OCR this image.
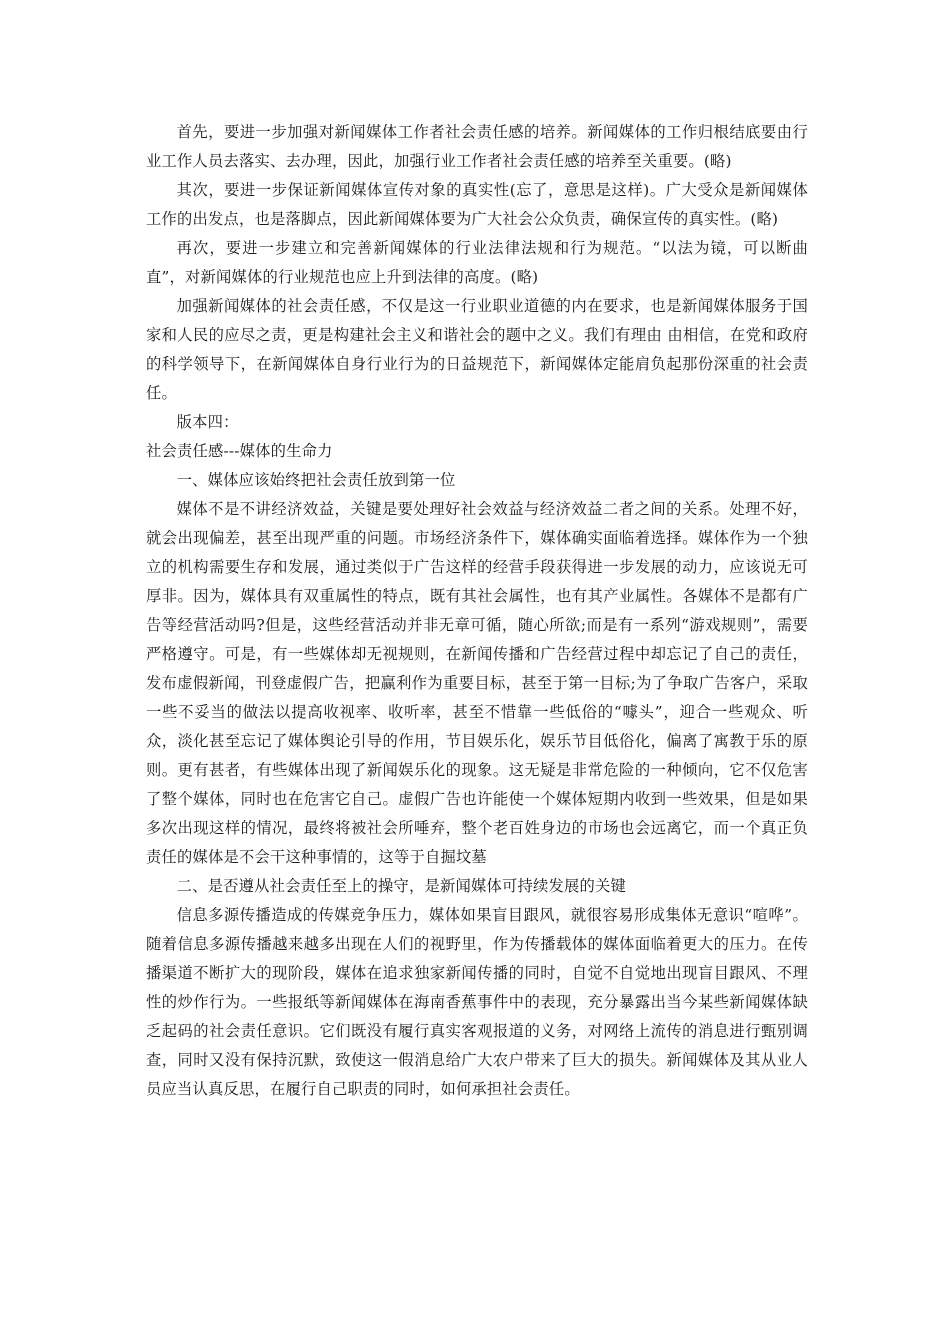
首先，要进一步加强对新闻媒体工作者社会责任感的培养。新闻媒体的工作归根结底要由行业工作人员去落实、去办理，因此，加强行业工作者社会责任感的培养至关重要。(略)

其次，要进一步保证新闻媒体宣传对象的真实性(忘了，意思是这样)。广大受众是新闻媒体工作的出发点，也是落脚点，因此新闻媒体要为广大社会公众负责，确保宣传的真实性。(略)

再次，要进一步建立和完善新闻媒体的行业法律法规和行为规范。“以法为镜，可以断曲直”，对新闻媒体的行业规范也应上升到法律的高度。(略)

加强新闻媒体的社会责任感，不仅是这一行业职业道德的内在要求，也是新闻媒体服务于国家和人民的应尽之责，更是构建社会主义和谐社会的题中之义。我们有理由 由相信，在党和政府的科学领导下，在新闻媒体自身行业行为的日益规范下，新闻媒体定能肩负起那份深重的社会责任。

版本四：

社会责任感---媒体的生命力

一、媒体应该始终把社会责任放到第一位

媒体不是不讲经济效益，关键是要处理好社会效益与经济效益二者之间的关系。处理不好，就会出现偏差，甚至出现严重的问题。市场经济条件下，媒体确实面临着选择。媒体作为一个独立的机构需要生存和发展，通过类似于广告这样的经营手段获得进一步发展的动力，应该说无可厚非。因为，媒体具有双重属性的特点，既有其社会属性，也有其产业属性。各媒体不是都有广告等经营活动吗?但是，这些经营活动并非无章可循，随心所欲;而是有一系列“游戏规则”，需要严格遵守。可是，有一些媒体却无视规则，在新闻传播和广告经营过程中却忘记了自己的责任，发布虚假新闻，刊登虚假广告，把赢利作为重要目标，甚至于第一目标;为了争取广告客户，采取一些不妥当的做法以提高收视率、收听率，甚至不惜靠一些低俗的“噱头”，迎合一些观众、听众，淡化甚至忘记了媒体舆论引导的作用，节目娱乐化，娱乐节目低俗化，偏离了寓教于乐的原则。更有甚者，有些媒体出现了新闻娱乐化的现象。这无疑是非常危险的一种倾向，它不仅危害了整个媒体，同时也在危害它自己。虚假广告也许能使一个媒体短期内收到一些效果，但是如果多次出现这样的情况，最终将被社会所唾弃，整个老百姓身边的市场也会远离它，而一个真正负责任的媒体是不会干这种事情的，这等于自掘坟墓

二、是否遵从社会责任至上的操守，是新闻媒体可持续发展的关键

信息多源传播造成的传媒竞争压力，媒体如果盲目跟风，就很容易形成集体无意识“喧哗”。随着信息多源传播越来越多出现在人们的视野里，作为传播载体的媒体面临着更大的压力。在传播渠道不断扩大的现阶段，媒体在追求独家新闻传播的同时，自觉不自觉地出现盲目跟风、不理性的炒作行为。一些报纸等新闻媒体在海南香蕉事件中的表现，充分暴露出当今某些新闻媒体缺乏起码的社会责任意识。它们既没有履行真实客观报道的义务，对网络上流传的消息进行甄别调查，同时又没有保持沉默，致使这一假消息给广大农户带来了巨大的损失。新闻媒体及其从业人员应当认真反思，在履行自己职责的同时，如何承担社会责任。
